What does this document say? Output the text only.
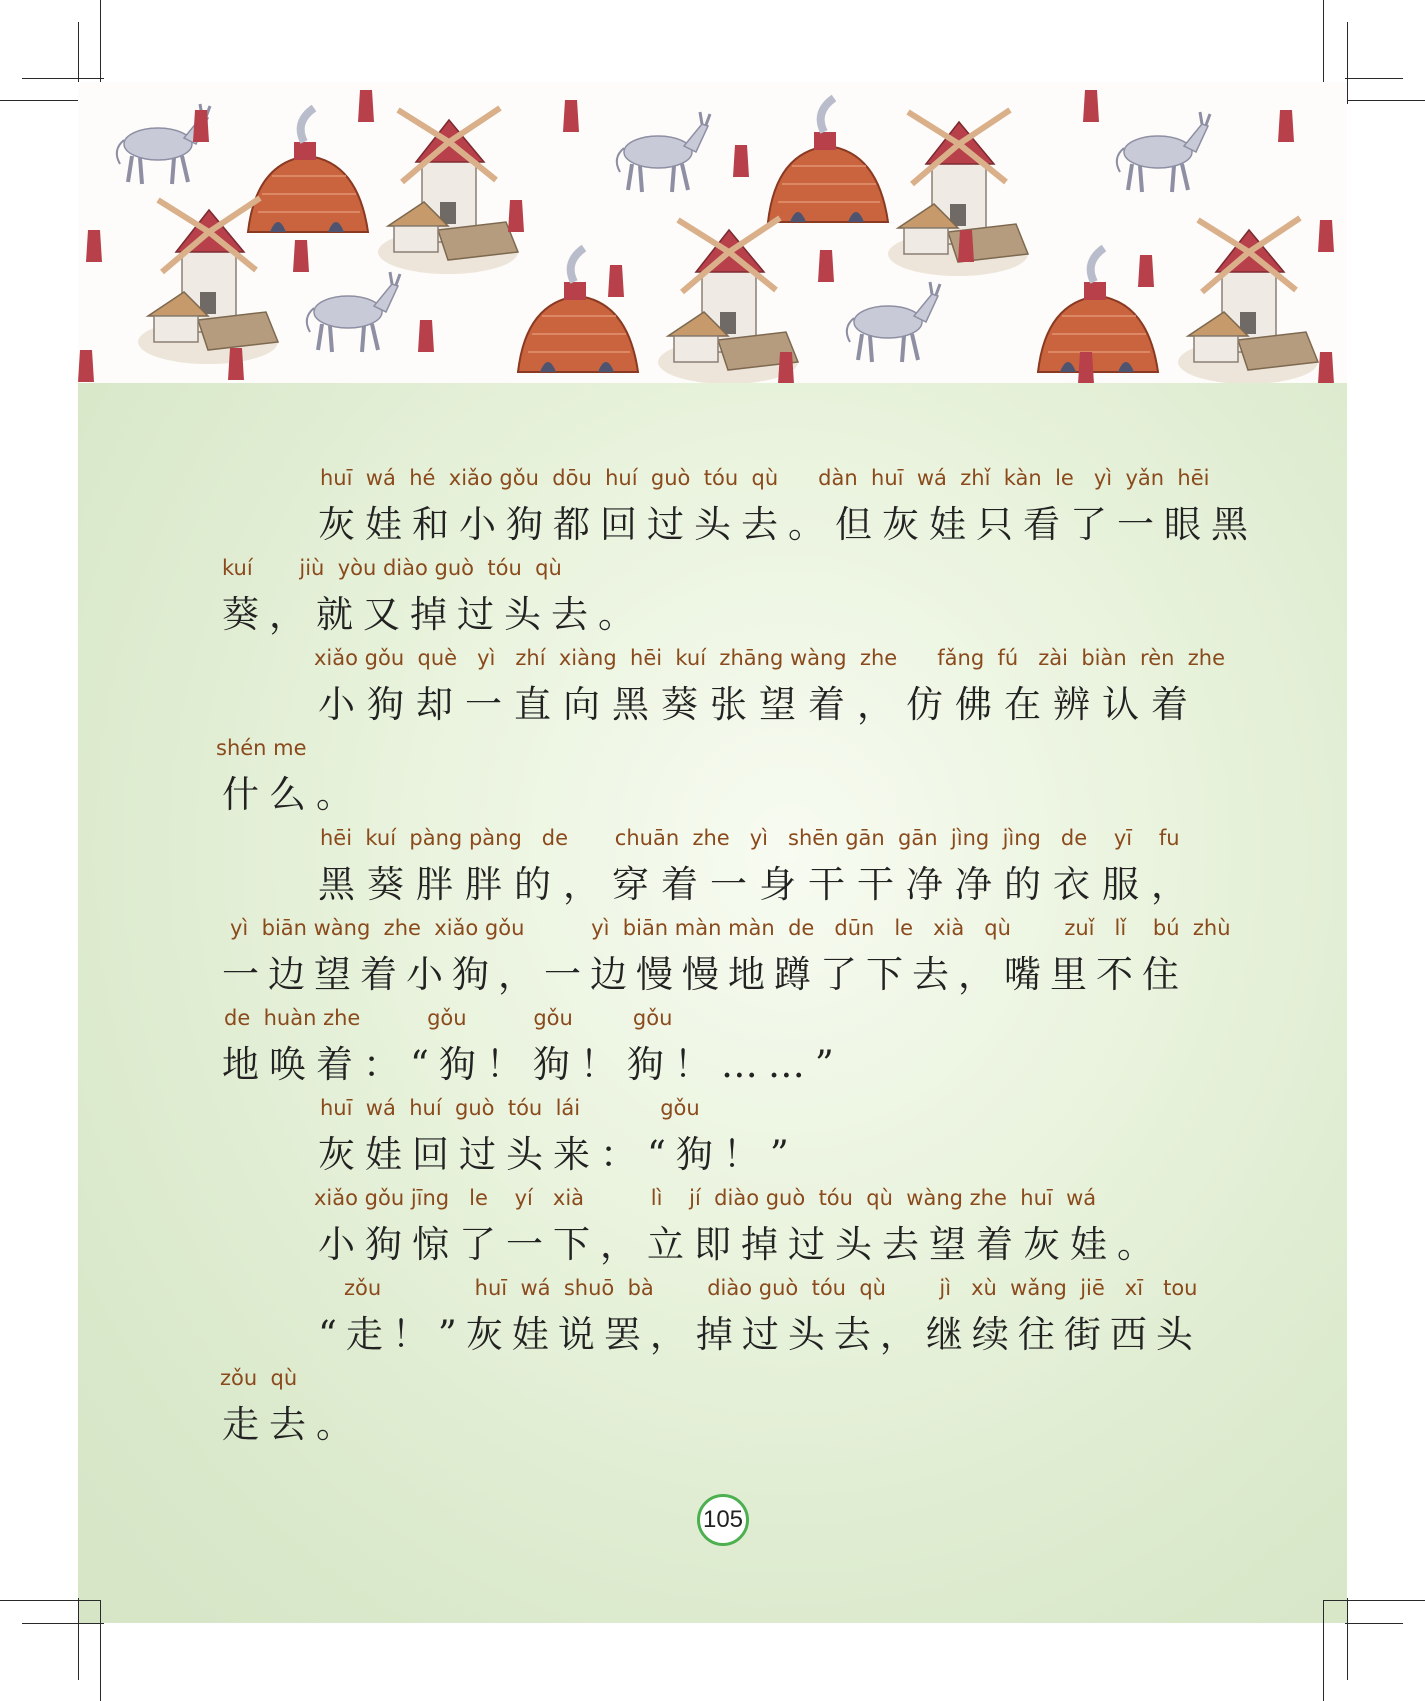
huī  wá  hé  xiǎo gǒu  dōu  huí  guò  tóu  qù      dàn  huī  wá  zhǐ  kàn  le   yì  yǎn  hēi
灰娃和小狗都回过头去。但灰娃只看了一眼黑
kuí       jiù  yòu diào guò  tóu  qù
葵，就又掉过头去。
xiǎo gǒu  què   yì   zhí  xiàng  hēi  kuí  zhāng wàng  zhe      fǎng  fú   zài  biàn  rèn  zhe
小狗却一直向黑葵张望着，仿佛在辨认着
shén me
什么。
hēi  kuí  pàng pàng   de       chuān  zhe   yì   shēn gān  gān  jìng  jìng   de    yī    fu
黑葵胖胖的，穿着一身干干净净的衣服，
yì  biān wàng  zhe  xiǎo gǒu          yì  biān màn màn  de   dūn   le   xià   qù        zuǐ   lǐ    bú  zhù
一边望着小狗，一边慢慢地蹲了下去，嘴里不住
de  huàn zhe          gǒu          gǒu         gǒu
地唤着：“狗！狗！狗！……”
huī  wá  huí  guò  tóu  lái            gǒu
灰娃回过头来：“狗！”
xiǎo gǒu jīng   le    yí   xià          lì    jí  diào guò  tóu  qù  wàng zhe  huī  wá
小狗惊了一下，立即掉过头去望着灰娃。
zǒu              huī  wá  shuō  bà        diào guò  tóu  qù        jì   xù  wǎng  jiē   xī   tou
“走！”灰娃说罢，掉过头去，继续往街西头
zǒu  qù
走去。
105
